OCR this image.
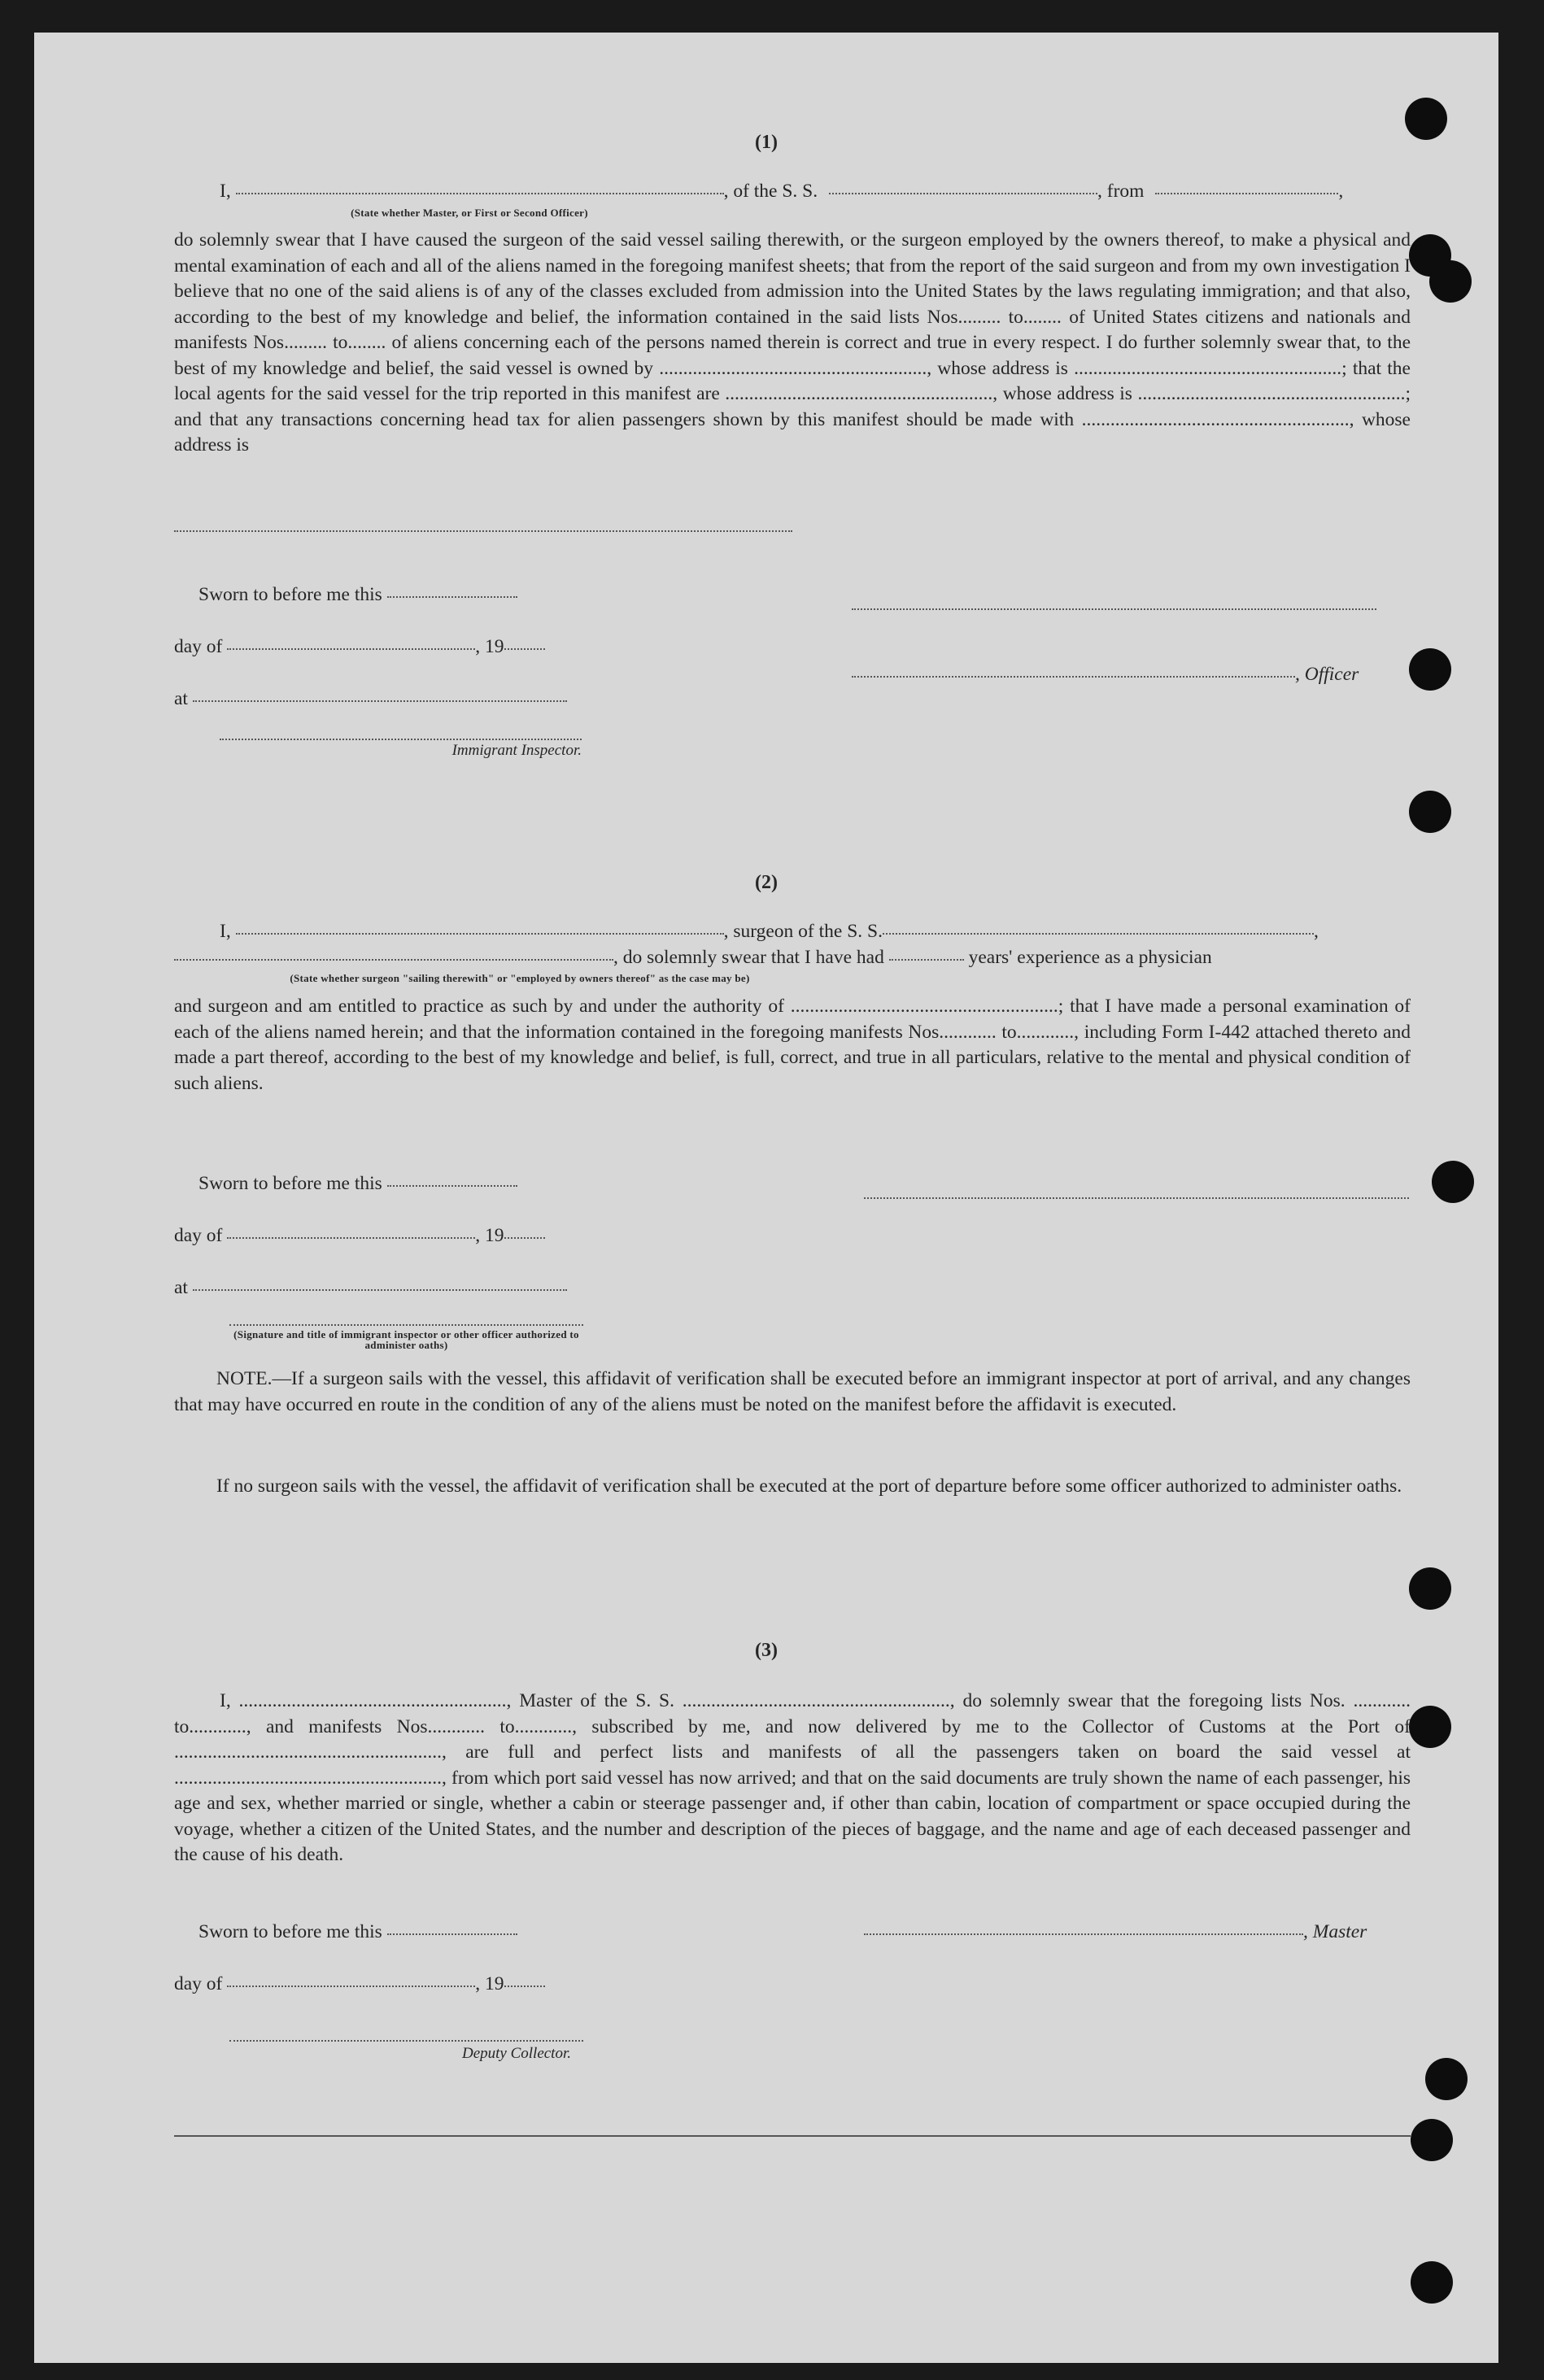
(1)
I,	, of the S. S.	, from	,
(State whether Master, or First or Second Officer)
do solemnly swear that I have caused the surgeon of the said vessel sailing therewith, or the surgeon employed by the owners thereof, to make a physical and mental examination of each and all of the aliens named in the foregoing manifest sheets; that from the report of the said surgeon and from my own investigation I believe that no one of the said aliens is of any of the classes excluded from admission into the United States by the laws regulating immigration; and that also, according to the best of my knowledge and belief, the information contained in the said lists Nos......... to........ of United States citizens and nationals and manifests Nos......... to........ of aliens concerning each of the persons named therein is correct and true in every respect. I do further solemnly swear that, to the best of my knowledge and belief, the said vessel is owned by ........................................................, whose address is ........................................................; that the local agents for the said vessel for the trip reported in this manifest are ........................................................, whose address is ........................................................; and that any transactions concerning head tax for alien passengers shown by this manifest should be made with ........................................................, whose address is
Sworn to before me this
day of	, 19
, Officer
at
Immigrant Inspector.
(2)
I,	, surgeon of the S. S.	,
, do solemnly swear that I have had	years' experience as a physician
(State whether surgeon "sailing therewith" or "employed by owners thereof" as the case may be)
and surgeon and am entitled to practice as such by and under the authority of ........................................................; that I have made a personal examination of each of the aliens named herein; and that the information contained in the foregoing manifests Nos............ to............, including Form I-442 attached thereto and made a part thereof, according to the best of my knowledge and belief, is full, correct, and true in all particulars, relative to the mental and physical condition of such aliens.
Sworn to before me this
day of	, 19
at
(Signature and title of immigrant inspector or other officer authorized to administer oaths)
NOTE.—If a surgeon sails with the vessel, this affidavit of verification shall be executed before an immigrant inspector at port of arrival, and any changes that may have occurred en route in the condition of any of the aliens must be noted on the manifest before the affidavit is executed.
If no surgeon sails with the vessel, the affidavit of verification shall be executed at the port of departure before some officer authorized to administer oaths.
(3)
I, ........................................................, Master of the S. S. ........................................................, do solemnly swear that the foregoing lists Nos. ............ to............, and manifests Nos............ to............, subscribed by me, and now delivered by me to the Collector of Customs at the Port of ........................................................, are full and perfect lists and manifests of all the passengers taken on board the said vessel at ........................................................, from which port said vessel has now arrived; and that on the said documents are truly shown the name of each passenger, his age and sex, whether married or single, whether a cabin or steerage passenger and, if other than cabin, location of compartment or space occupied during the voyage, whether a citizen of the United States, and the number and description of the pieces of baggage, and the name and age of each deceased passenger and the cause of his death.
Sworn to before me this	, Master
day of	, 19
Deputy Collector.
